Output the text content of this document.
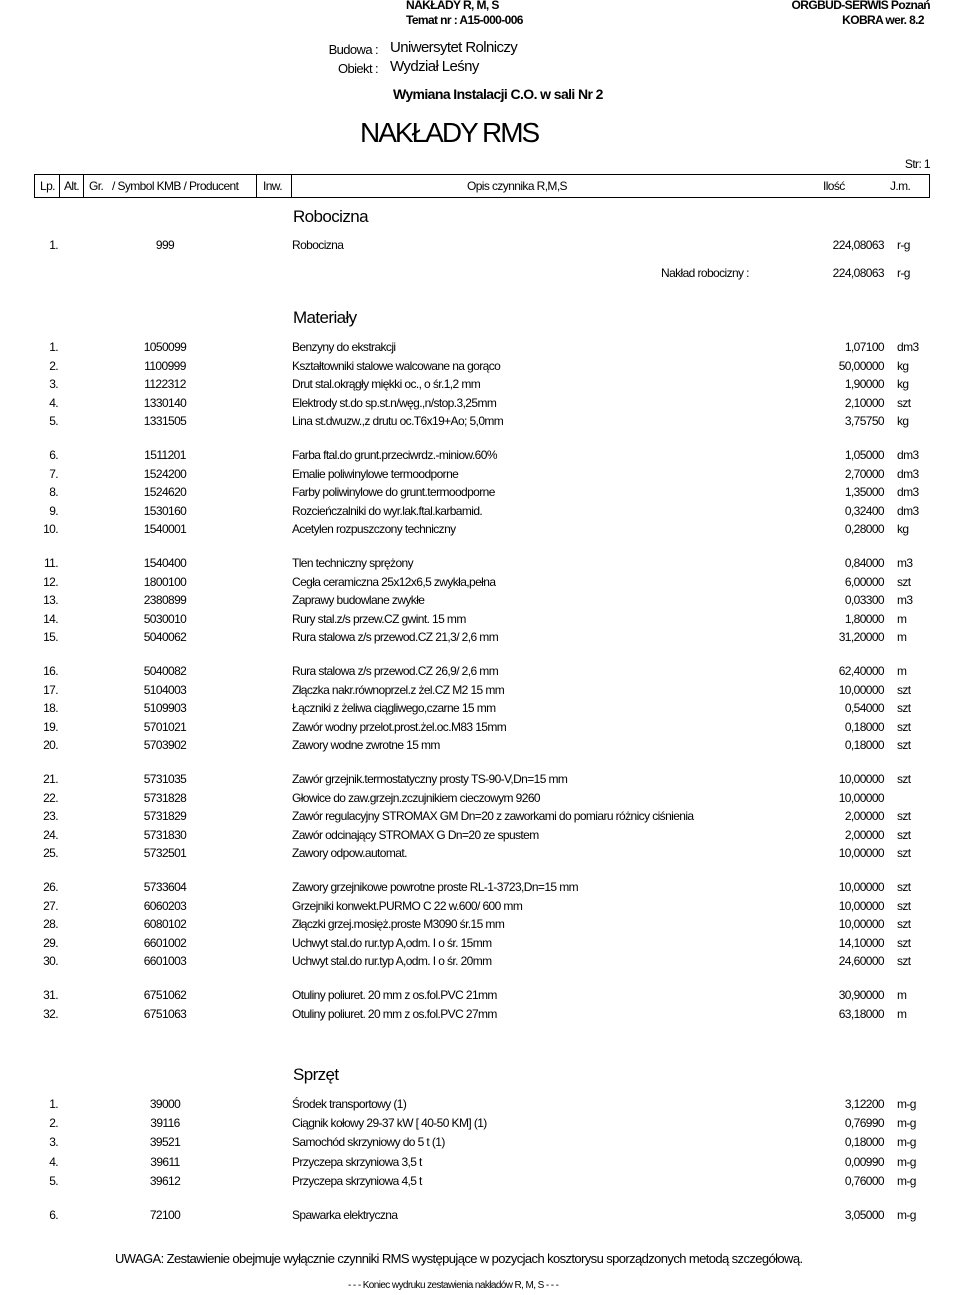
NAKŁADY R, M, S	ORGBUD-SERWIS Poznań
Temat nr : A15-000-006	KOBRA wer. 8.2
Budowa : Uniwersytet Rolniczy
Obiekt : Wydział Leśny
Wymiana Instalacji C.O. w sali Nr 2
NAKŁADY RMS
Str: 1
Lp. Alt. Gr. / Symbol KMB / Producent Inw.	Opis czynnika R,M,S	Ilość	J.m.
Robocizna
1.	999	Robocizna	224,08063 r-g
Nakład robocizny :	224,08063 r-g
Materiały
1.	1050099	Benzyny do ekstrakcji	1,07100 dm3
2.	1100999	Kształtowniki stalowe walcowane na gorąco	50,00000 kg
3.	1122312	Drut stal.okrągły miękki oc., o śr.1,2 mm	1,90000 kg
4.	1330140	Elektrody st.do sp.st.n/węg.,n/stop.3,25mm	2,10000 szt
5.	1331505	Lina st.dwuzw.,z drutu oc.T6x19+Ao; 5,0mm	3,75750 kg
6.	1511201	Farba ftal.do grunt.przeciwrdz.-miniow.60%	1,05000 dm3
7.	1524200	Emalie poliwinylowe termoodporne	2,70000 dm3
8.	1524620	Farby poliwinylowe do grunt.termoodporne	1,35000 dm3
9.	1530160	Rozcieńczalniki do wyr.lak.ftal.karbamid.	0,32400 dm3
10.	1540001	Acetylen rozpuszczony techniczny	0,28000 kg
11.	1540400	Tlen techniczny sprężony	0,84000 m3
12.	1800100	Cegła ceramiczna 25x12x6,5 zwykła,pełna	6,00000 szt
13.	2380899	Zaprawy budowlane zwykłe	0,03300 m3
14.	5030010	Rury stal.z/s przew.CZ gwint. 15 mm	1,80000 m
15.	5040062	Rura stalowa z/s przewod.CZ 21,3/ 2,6 mm	31,20000 m
16.	5040082	Rura stalowa z/s przewod.CZ 26,9/ 2,6 mm	62,40000 m
17.	5104003	Złączka nakr.równoprzel.z żel.CZ M2 15 mm	10,00000 szt
18.	5109903	Łączniki z żeliwa ciągliwego,czarne 15 mm	0,54000 szt
19.	5701021	Zawór wodny przelot.prost.żel.oc.M83 15mm	0,18000 szt
20.	5703902	Zawory wodne zwrotne 15 mm	0,18000 szt
21.	5731035	Zawór grzejnik.termostatyczny prosty TS-90-V,Dn=15 mm	10,00000 szt
22.	5731828	Głowice do zaw.grzejn.zczujnikiem cieczowym 9260	10,00000
23.	5731829	Zawór regulacyjny STROMAX GM Dn=20 z zaworkami do pomiaru różnicy ciśnienia	2,00000 szt
24.	5731830	Zawór odcinający STROMAX G Dn=20 ze spustem	2,00000 szt
25.	5732501	Zawory odpow.automat.	10,00000 szt
26.	5733604	Zawory grzejnikowe powrotne proste RL-1-3723,Dn=15 mm	10,00000 szt
27.	6060203	Grzejniki konwekt.PURMO C 22 w.600/ 600 mm	10,00000 szt
28.	6080102	Złączki grzej.mosięż.proste M3090 śr.15 mm	10,00000 szt
29.	6601002	Uchwyt stal.do rur.typ A,odm. I o śr. 15mm	14,10000 szt
30.	6601003	Uchwyt stal.do rur.typ A,odm. I o śr. 20mm	24,60000 szt
31.	6751062	Otuliny poliuret. 20 mm z os.fol.PVC 21mm	30,90000 m
32.	6751063	Otuliny poliuret. 20 mm z os.fol.PVC 27mm	63,18000 m
Sprzęt
1.	39000	Środek transportowy (1)	3,12200 m-g
2.	39116	Ciągnik kołowy 29-37 kW [ 40-50 KM] (1)	0,76990 m-g
3.	39521	Samochód skrzyniowy do 5 t (1)	0,18000 m-g
4.	39611	Przyczepa skrzyniowa 3,5 t	0,00990 m-g
5.	39612	Przyczepa skrzyniowa 4,5 t	0,76000 m-g
6.	72100	Spawarka elektryczna	3,05000 m-g
UWAGA: Zestawienie obejmuje wyłącznie czynniki RMS występujące w pozycjach kosztorysu sporządzonych metodą szczegółową.
- - - Koniec wydruku zestawienia nakładów R, M, S - - -
